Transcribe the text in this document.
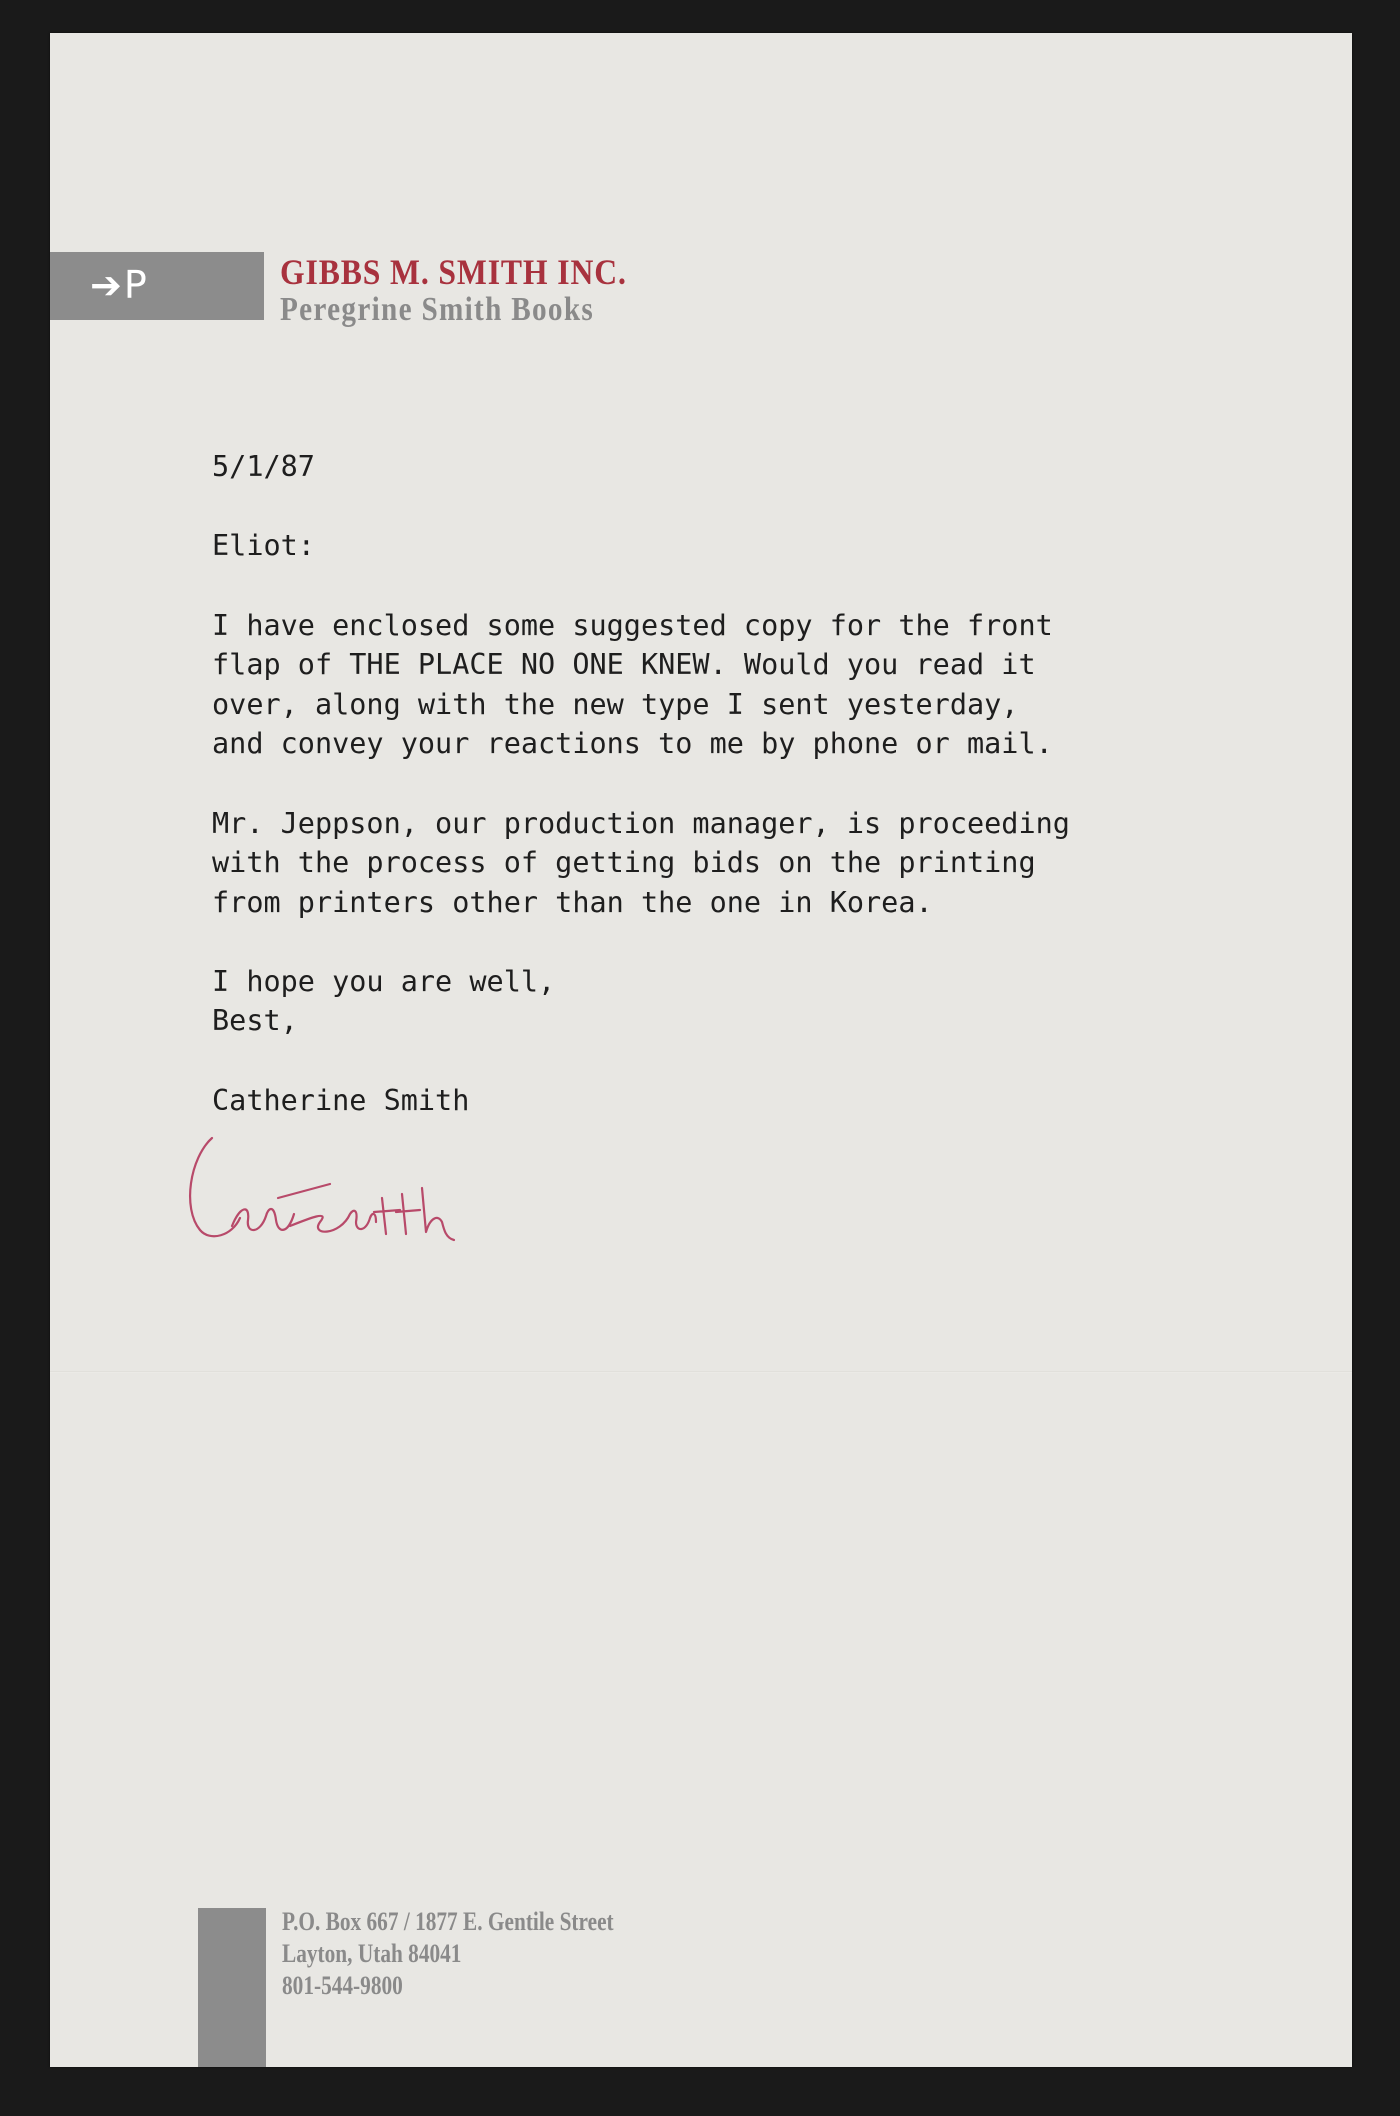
➔P	GIBBS M. SMITH INC.
Peregrine Smith Books

5/1/87

Eliot:

I have enclosed some suggested copy for the front

flap of THE PLACE NO ONE KNEW. Would you read it

over, along with the new type I sent yesterday,

and convey your reactions to me by phone or mail.

Mr. Jeppson, our production manager, is proceeding

with the process of getting bids on the printing

from printers other than the one in Korea.

I hope you are well,

Best,

Catherine Smith

P.O. Box 667 / 1877 E. Gentile Street
Layton, Utah 84041
801-544-9800
